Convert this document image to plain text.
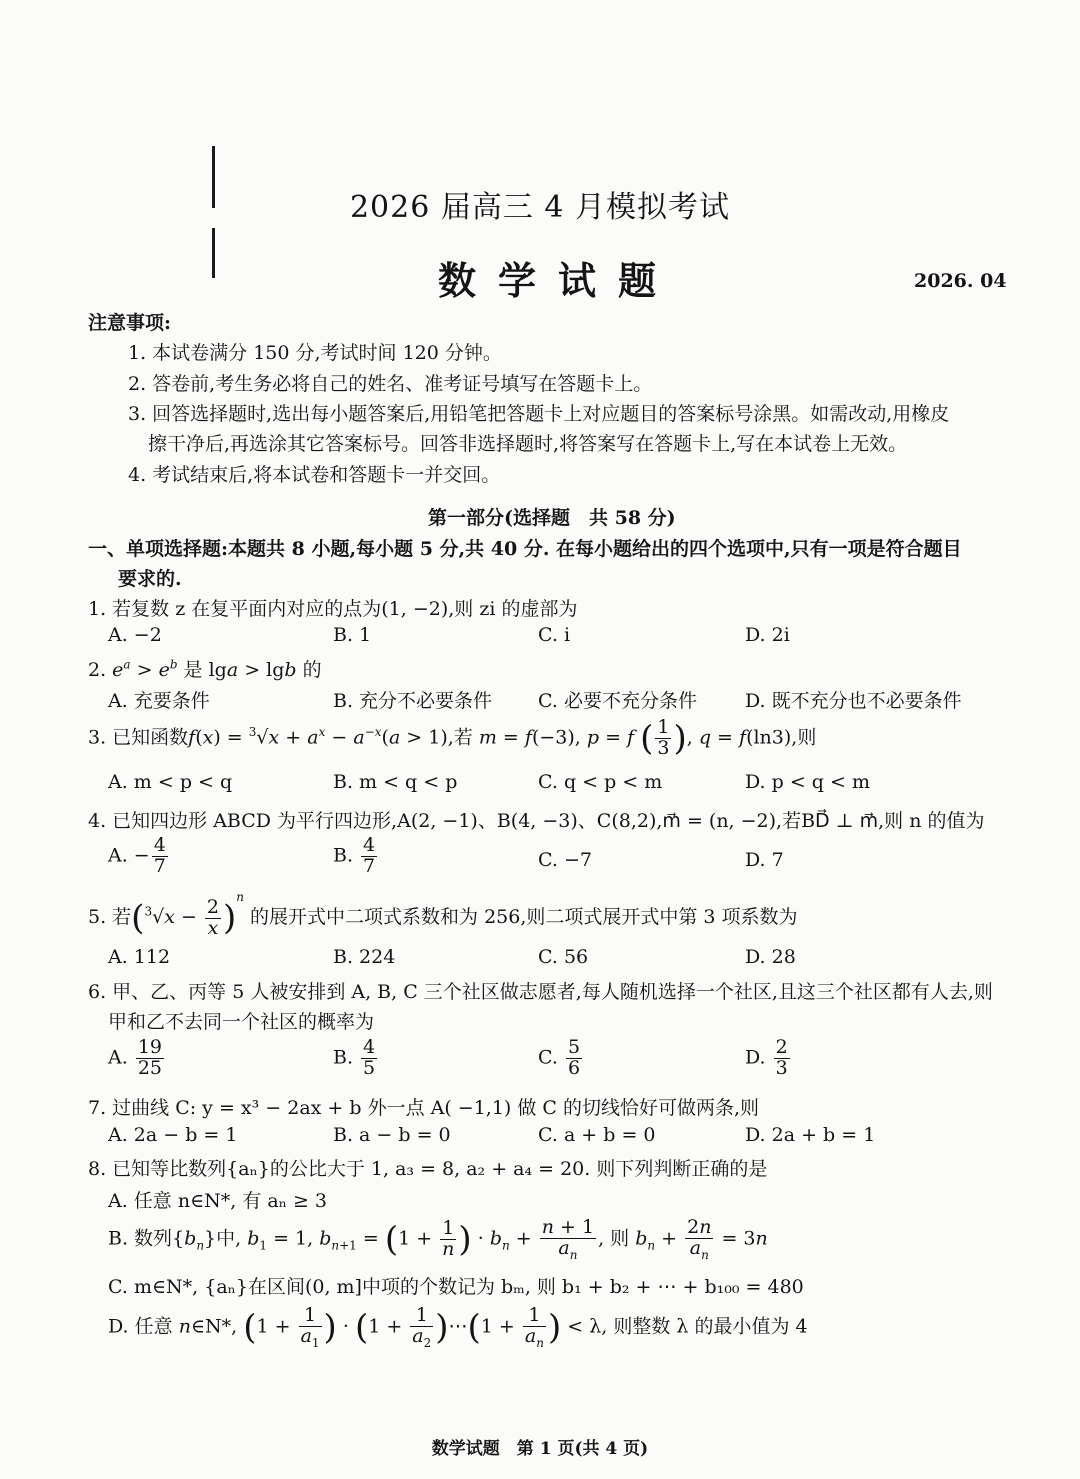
2026 届高三 4 月模拟考试
数学试题	2026. 04
注意事项:
1. 本试卷满分 150 分,考试时间 120 分钟。
2. 答卷前,考生务必将自己的姓名、准考证号填写在答题卡上。
3. 回答选择题时,选出每小题答案后,用铅笔把答题卡上对应题目的答案标号涂黑。如需改动,用橡皮
擦干净后,再选涂其它答案标号。回答非选择题时,将答案写在答题卡上,写在本试卷上无效。
4. 考试结束后,将本试卷和答题卡一并交回。
第一部分(选择题　共 58 分)
一、单项选择题:本题共 8 小题,每小题 5 分,共 40 分. 在每小题给出的四个选项中,只有一项是符合题目
要求的.
1. 若复数 z 在复平面内对应的点为(1, −2),则 zi 的虚部为
A. −2	B. 1	C. i	D. 2i
2. $e^a > e^b$ 是 lga > lgb 的
A. 充要条件	B. 充分不必要条件 C. 必要不充分条件	D. 既不充分也不必要条件
3. 已知函数$f(x) = ^3√x + a^x - a^{-x}(a > 1)$,若 m = f(−3), p = f ( $\frac{1}{3}$ ), q = f(ln3),则
A. m < p < q	B. m < q < p	C. q < p < m	D. p < q < m
4. 已知四边形 ABCD 为平行四边形,A(2, −1)、B(4, −3)、C(8,2),m⃗ = (n, −2),若BD⃗ ⊥ m⃗,则 n 的值为
A. − $\frac{4}{7}$	B. $\frac{4}{7}$	C. −7	D. 7
5. 若$(^3√x - \frac{2}{x} )^n$ 的展开式中二项式系数和为 256,则二项式展开式中第 3 项系数为
A. 112	B. 224	C. 56	D. 28
6. 甲、乙、丙等 5 人被安排到 A, B, C 三个社区做志愿者,每人随机选择一个社区,且这三个社区都有人去,则
甲和乙不去同一个社区的概率为
A. $\frac{19}{25}$	B. $\frac{4}{5}$	C. $\frac{5}{6}$	D. $\frac{2}{3}$
7. 过曲线 C: y = x³ − 2ax + b 外一点 A( −1,1) 做 C 的切线恰好可做两条,则
A. 2a − b = 1	B. a − b = 0	C. a + b = 0	D. 2a + b = 1
8. 已知等比数列{aₙ}的公比大于 1, a₃ = 8, a₂ + a₄ = 20. 则下列判断正确的是
A. 任意 n∈N*, 有 aₙ ≥ 3
B. 数列$\{b_n\}$中, $b_1 = 1$, $b_{n+1} = (1 + \frac{1}{n}$ ) · $b_n + \frac{n + 1}{a_n}$ , 则 $b_n + \frac{2n}{a_n} = 3n$
C. m∈N*, {aₙ}在区间(0, m]中项的个数记为 bₘ, 则 b₁ + b₂ + ⋯ + b₁₀₀ = 480
D. 任意 n∈N*, ($1 + \frac{1}{a_1}$ ) · ($1 + \frac{1}{a_2}$ )⋯(1 + $\frac{1}{a_n}$ ) < λ, 则整数 λ 的最小值为 4
数学试题　第 1 页(共 4 页)
